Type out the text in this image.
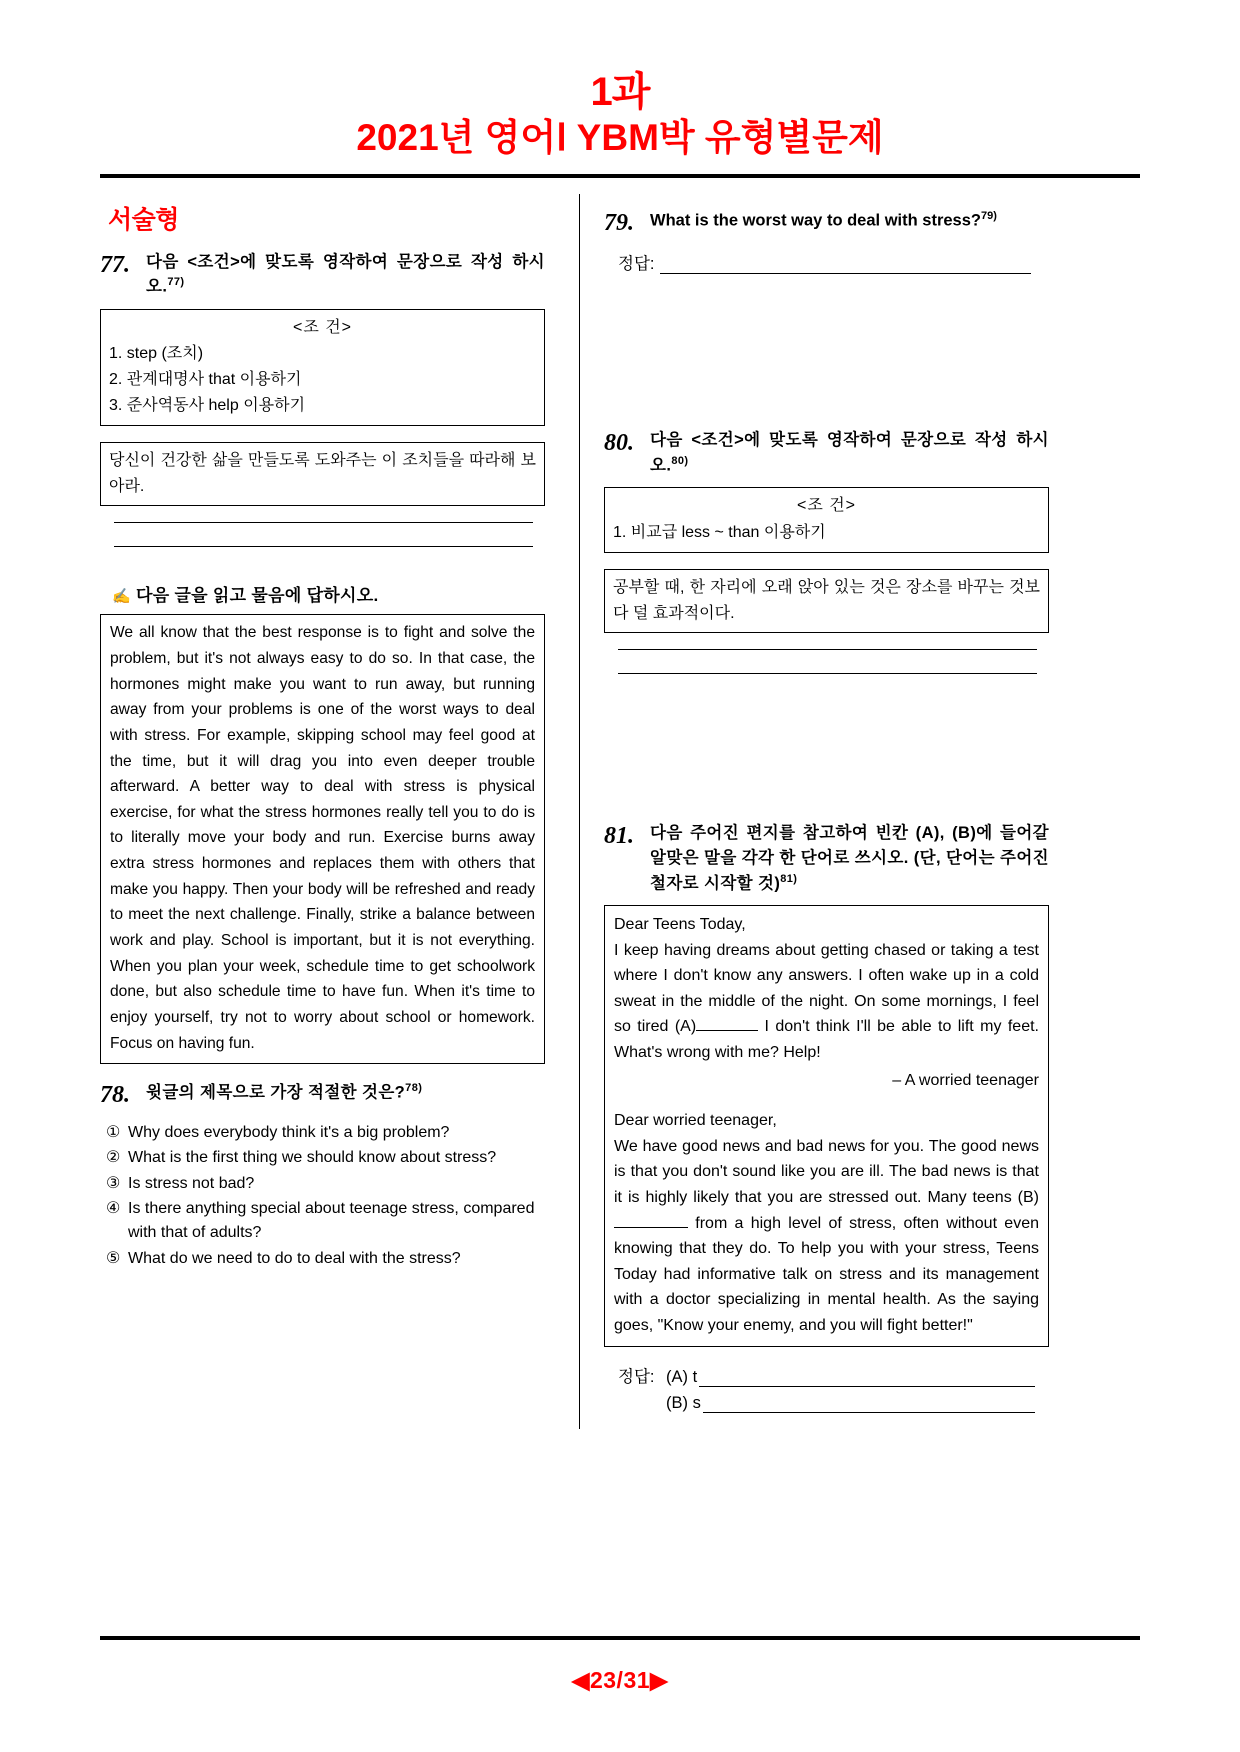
1과
2021년 영어Ⅰ YBM박 유형별문제
서술형
77. 다음 <조건>에 맞도록 영작하여 문장으로 작성 하시오.$^{77)}$
<조 건>
1. step (조치)
2. 관계대명사 that 이용하기
3. 준사역동사 help 이용하기
당신이 건강한 삶을 만들도록 도와주는 이 조치들을 따라해 보아라.
✍ 다음 글을 읽고 물음에 답하시오.
We all know that the best response is to fight and solve the problem, but it's not always easy to do so. In that case, the hormones might make you want to run away, but running away from your problems is one of the worst ways to deal with stress. For example, skipping school may feel good at the time, but it will drag you into even deeper trouble afterward. A better way to deal with stress is physical exercise, for what the stress hormones really tell you to do is to literally move your body and run. Exercise burns away extra stress hormones and replaces them with others that make you happy. Then your body will be refreshed and ready to meet the next challenge. Finally, strike a balance between work and play. School is important, but it is not everything. When you plan your week, schedule time to get schoolwork done, but also schedule time to have fun. When it's time to enjoy yourself, try not to worry about school or homework. Focus on having fun.
78. 윗글의 제목으로 가장 적절한 것은?$^{78)}$
① Why does everybody think it's a big problem?
② What is the first thing we should know about stress?
③ Is stress not bad?
④ Is there anything special about teenage stress, compared with that of adults?
⑤ What do we need to do to deal with the stress?
79. What is the worst way to deal with stress?$^{79)}$
정답:
80. 다음 <조건>에 맞도록 영작하여 문장으로 작성 하시오.$^{80)}$
<조 건>
1. 비교급 less ~ than 이용하기
공부할 때, 한 자리에 오래 앉아 있는 것은 장소를 바꾸는 것보다 덜 효과적이다.
81. 다음 주어진 편지를 참고하여 빈칸 (A), (B)에 들어갈 알맞은 말을 각각 한 단어로 쓰시오. (단, 단어는 주어진 철자로 시작할 것)$^{81)}$
Dear Teens Today,
I keep having dreams about getting chased or taking a test where I don't know any answers. I often wake up in a cold sweat in the middle of the night. On some mornings, I feel so tired (A)	I don't think I'll be able to lift my feet. What's wrong with me? Help!
– A worried teenager
Dear worried teenager,
We have good news and bad news for you. The good news is that you don't sound like you are ill. The bad news is that it is highly likely that you are stressed out. Many teens (B) from a high level of stress, often without even knowing that they do. To help you with your stress, Teens Today had informative talk on stress and its management with a doctor specializing in mental health. As the saying goes, "Know your enemy, and you will fight better!"
정답: (A) t
(B) s
◀23/31▶
